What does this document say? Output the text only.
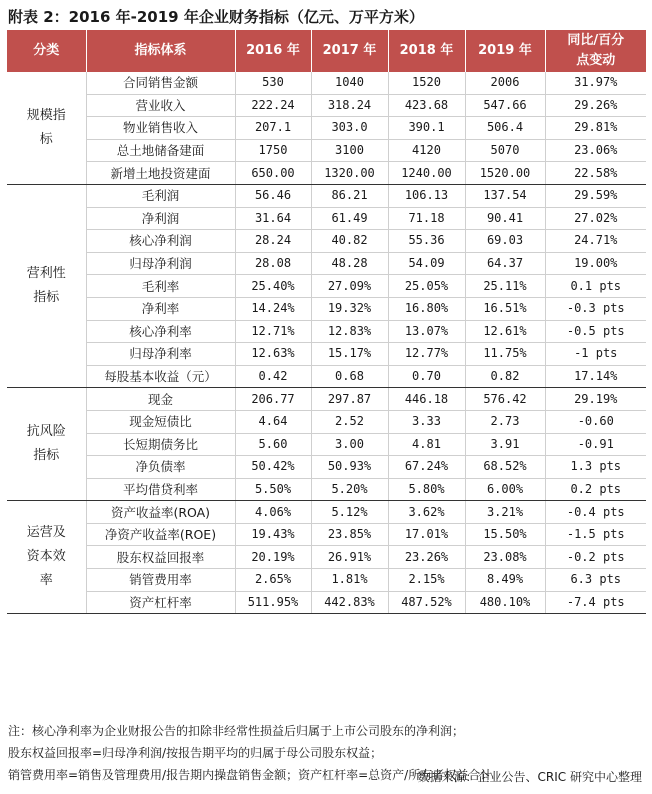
附表 2：2016 年-2019 年企业财务指标（亿元、万平方米）
分类	指标体系	2016 年	2017 年	2018 年	2019 年	同比/百分点变动
规模指标	合同销售金额	530	1040	1520	2006	31.97%
	营业收入	222.24	318.24	423.68	547.66	29.26%
	物业销售收入	207.1	303.0	390.1	506.4	29.81%
	总土地储备建面	1750	3100	4120	5070	23.06%
	新增土地投资建面	650.00	1320.00	1240.00	1520.00	22.58%
营利性指标	毛利润	56.46	86.21	106.13	137.54	29.59%
	净利润	31.64	61.49	71.18	90.41	27.02%
	核心净利润	28.24	40.82	55.36	69.03	24.71%
	归母净利润	28.08	48.28	54.09	64.37	19.00%
	毛利率	25.40%	27.09%	25.05%	25.11%	0.1 pts
	净利率	14.24%	19.32%	16.80%	16.51%	-0.3 pts
	核心净利率	12.71%	12.83%	13.07%	12.61%	-0.5 pts
	归母净利率	12.63%	15.17%	12.77%	11.75%	-1 pts
	每股基本收益（元）	0.42	0.68	0.70	0.82	17.14%
抗风险指标	现金	206.77	297.87	446.18	576.42	29.19%
	现金短债比	4.64	2.52	3.33	2.73	-0.60
	长短期债务比	5.60	3.00	4.81	3.91	-0.91
	净负债率	50.42%	50.93%	67.24%	68.52%	1.3 pts
	平均借贷利率	5.50%	5.20%	5.80%	6.00%	0.2 pts
运营及资本效率	资产收益率(ROA)	4.06%	5.12%	3.62%	3.21%	-0.4 pts
	净资产收益率(ROE)	19.43%	23.85%	17.01%	15.50%	-1.5 pts
	股东权益回报率	20.19%	26.91%	23.26%	23.08%	-0.2 pts
	销管费用率	2.65%	1.81%	2.15%	8.49%	6.3 pts
	资产杠杆率	511.95%	442.83%	487.52%	480.10%	-7.4 pts

注：核心净利率为企业财报公告的扣除非经常性损益后归属于上市公司股东的净利润；

股东权益回报率=归母净利润/按报告期平均的归属于母公司股东权益；

销管费用率=销售及管理费用/报告期内操盘销售金额；资产杠杆率=总资产/所有者权益合计

数据来源：企业公告、CRIC 研究中心整理
